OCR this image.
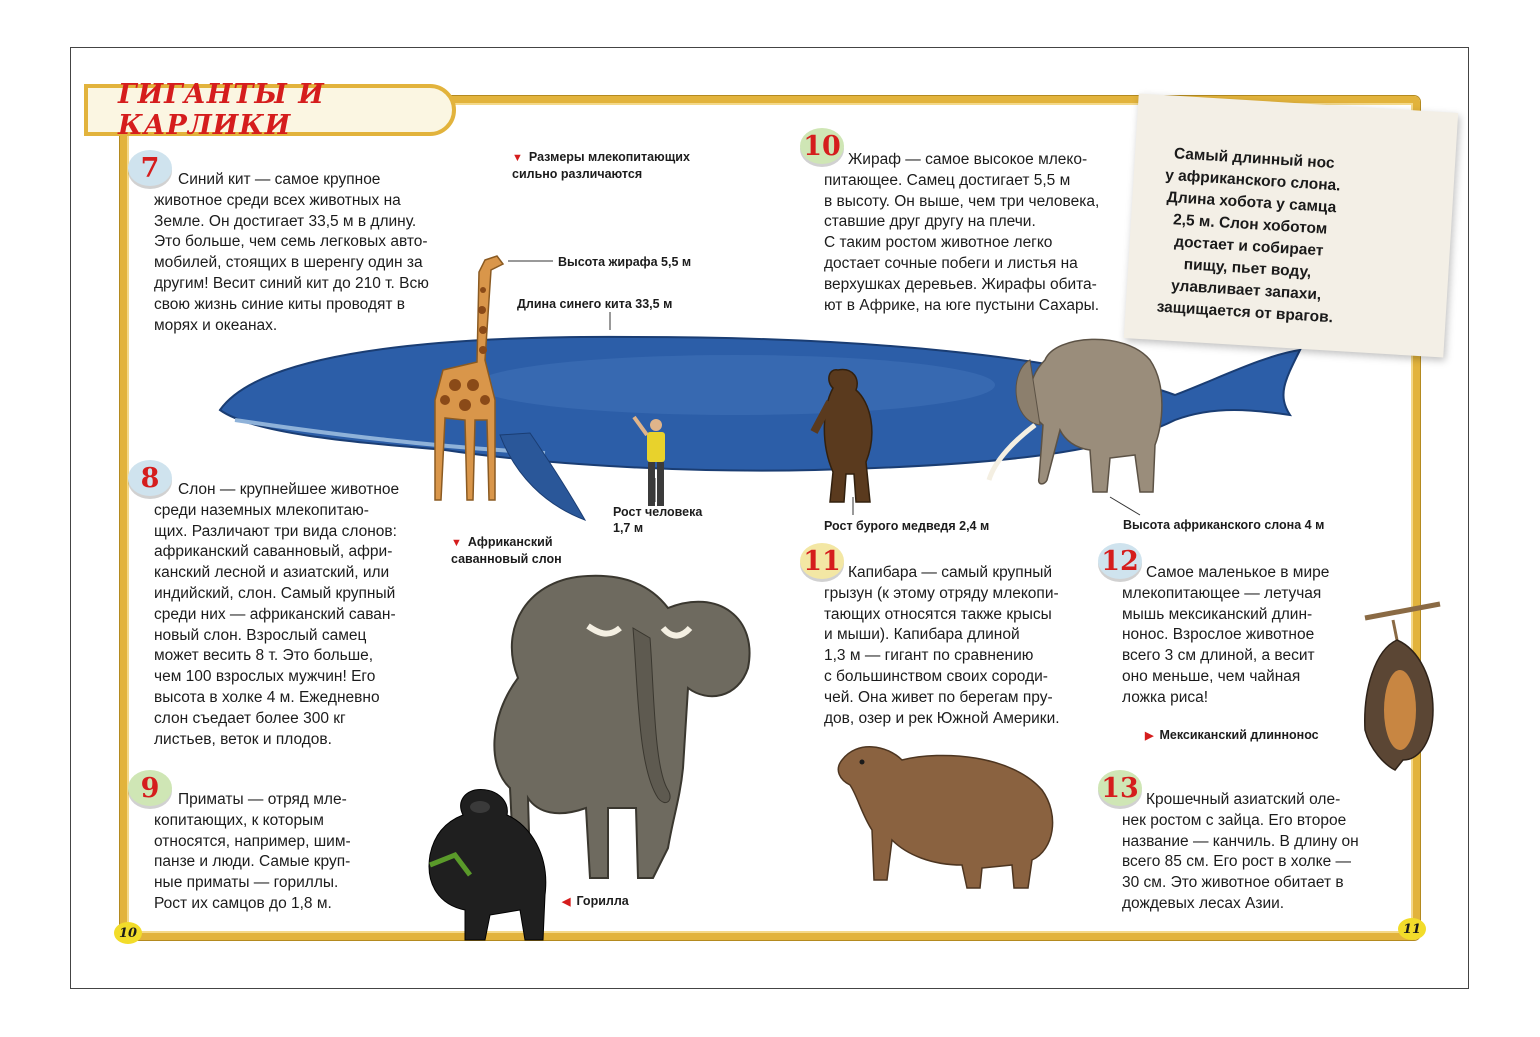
ГИГАНТЫ И КАРЛИКИ
7
8
9
10
11	12
13
Синий кит — самое крупное
животное среди всех животных на
Земле. Он достигает 33,5 м в длину.
Это больше, чем семь легковых авто-
мобилей, стоящих в шеренгу один за
другим! Весит синий кит до 210 т. Всю
свою жизнь синие киты проводят в
морях и океанах.
Слон — крупнейшее животное
среди наземных млекопитаю-
щих. Различают три вида слонов:
африканский саванновый, афри-
канский лесной и азиатский, или
индийский, слон. Самый крупный
среди них — африканский саван-
новый слон. Взрослый самец
может весить 8 т. Это больше,
чем 100 взрослых мужчин! Его
высота в холке 4 м. Ежедневно
слон съедает более 300 кг
листьев, веток и плодов.
Приматы — отряд мле-
копитающих, к которым
относятся, например, шим-
панзе и люди. Самые круп-
ные приматы — гориллы.
Рост их самцов до 1,8 м.
Жираф — самое высокое млеко-
питающее. Самец достигает 5,5 м
в высоту. Он выше, чем три человека,
ставшие друг другу на плечи.
С таким ростом животное легко
достает сочные побеги и листья на
верхушках деревьев. Жирафы обита-
ют в Африке, на юге пустыни Сахары.
Капибара — самый крупный
грызун (к этому отряду млекопи-
тающих относятся также крысы
и мыши). Капибара длиной
1,3 м — гигант по сравнению
с большинством своих сороди-
чей. Она живет по берегам пру-
дов, озер и рек Южной Америки.
Самое маленькое в мире
млекопитающее — летучая
мышь мексиканский длин-
нонос. Взрослое животное
всего 3 см длиной, а весит
оно меньше, чем чайная
ложка риса!
Крошечный азиатский оле-
нек ростом с зайца. Его второе
название — канчиль. В длину он
всего 85 см. Его рост в холке —
30 см. Это животное обитает в
дождевых лесах Азии.
Самый длинный нос
у африканского слона.
Длина хобота у самца
2,5 м. Слон хоботом
достает и собирает
пищу, пьет воду,
улавливает запахи,
защищается от врагов.
▼ Размеры млекопитающих
сильно различаются
Высота жирафа 5,5 м
Длина синего кита 33,5 м
Рост человека
1,7 м	Рост бурого медведя 2,4 м	Высота африканского слона 4 м
▼ Африканский
саванновый слон
◀ Горилла
▶ Мексиканский длиннонос
10	11
